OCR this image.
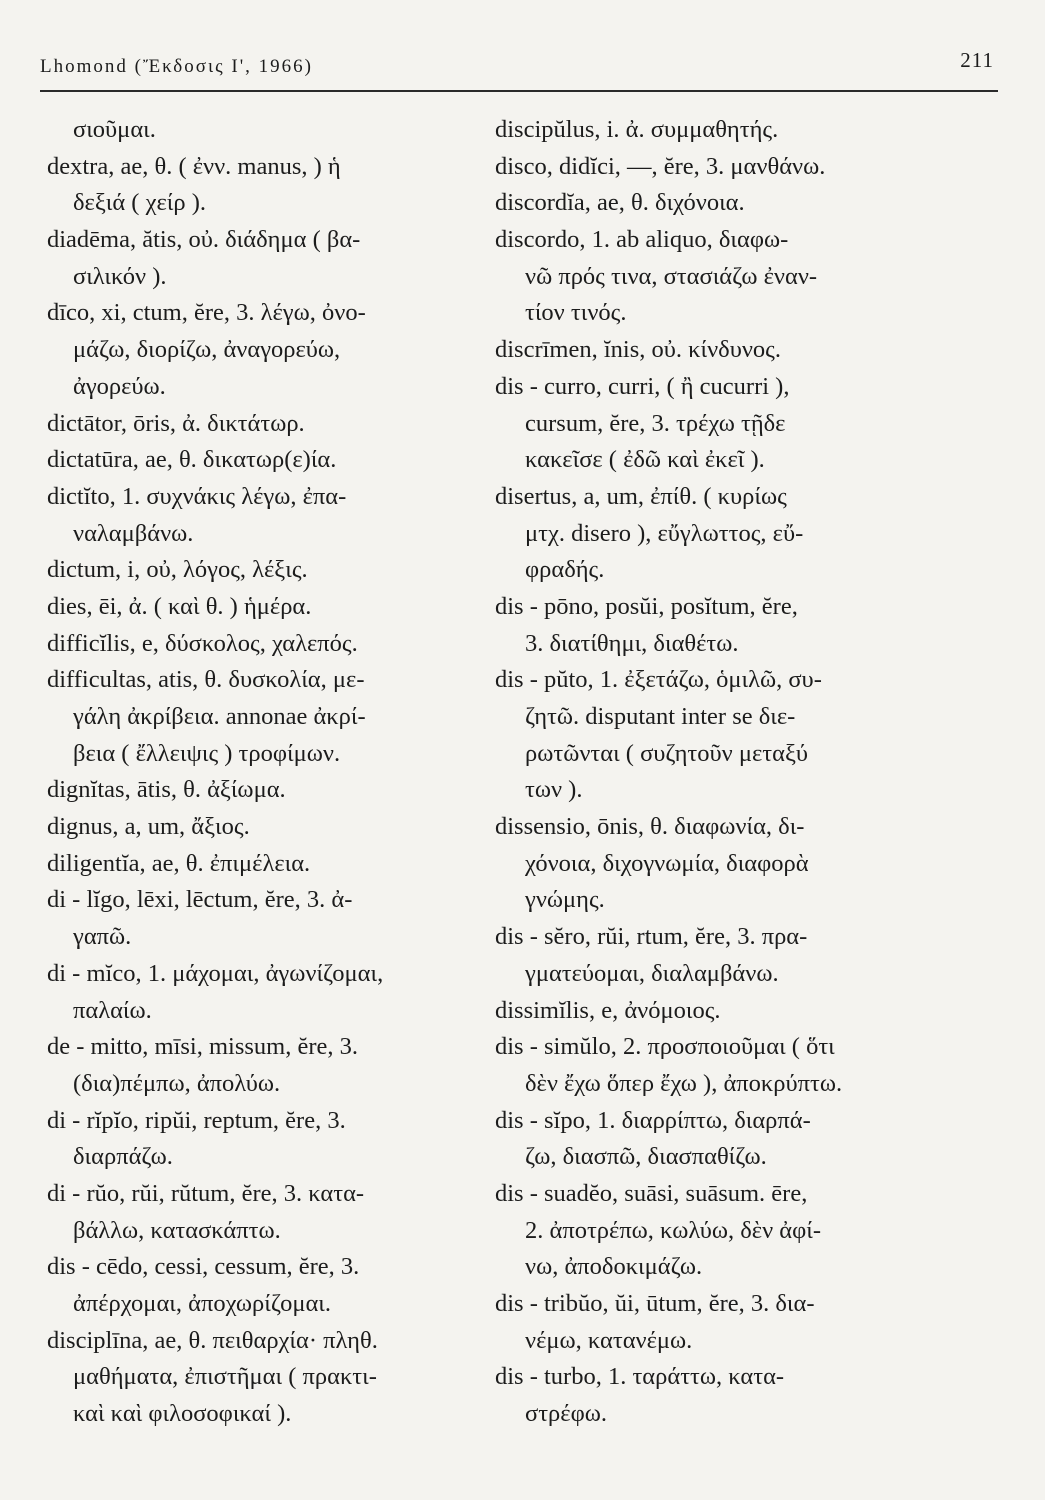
Lhomond (Ἔκδοσις Ι', 1966)	211
σιοῦμαι.
dextra, ae, θ. ( ἐνν. manus, ) ἡ
δεξιά ( χείρ ).
diadēma, ătis, οὐ. διάδημα ( βα-
σιλικόν ).
dīco, xi, ctum, ĕre, 3. λέγω, ὀνο-
μάζω, διορίζω, ἀναγορεύω,
ἀγορεύω.
dictātor, ōris, ἀ. δικτάτωρ.
dictatūra, ae, θ. δικατωρ(ε)ία.
dictĭto, 1. συχνάκις λέγω, ἐπα-
ναλαμβάνω.
dictum, i, οὐ, λόγος, λέξις.
dies, ēi, ἀ. ( καὶ θ. ) ἡμέρα.
difficĭlis, e, δύσκολος, χαλεπός.
difficultas, atis, θ. δυσκολία, με-
γάλη ἀκρίβεια. annonae ἀκρί-
βεια ( ἔλλειψις ) τροφίμων.
dignĭtas, ātis, θ. ἀξίωμα.
dignus, a, um, ἄξιος.
diligentĭa, ae, θ. ἐπιμέλεια.
di - lĭgo, lēxi, lēctum, ĕre, 3. ἀ-
γαπῶ.
di - mĭco, 1. μάχομαι, ἀγωνίζομαι,
παλαίω.
de - mitto, mīsi, missum, ĕre, 3.
(δια)πέμπω, ἀπολύω.
di - rĭpĭo, ripŭi, reptum, ĕre, 3.
διαρπάζω.
di - rŭo, rŭi, rŭtum, ĕre, 3. κατα-
βάλλω, κατασκάπτω.
dis - cēdo, cessi, cessum, ĕre, 3.
ἀπέρχομαι, ἀποχωρίζομαι.
disciplīna, ae, θ. πειθαρχία· πληθ.
μαθήματα, ἐπιστῆμαι ( πρακτι-
καὶ καὶ φιλοσοφικαί ).
discipŭlus, i. ἀ. συμμαθητής.
disco, didĭci, —, ĕre, 3. μανθάνω.
discordĭa, ae, θ. διχόνοια.
discordo, 1. ab aliquo, διαφω-
νῶ πρός τινα, στασιάζω ἐναν-
τίον τινός.
discrīmen, ĭnis, οὐ. κίνδυνος.
dis - curro, curri, ( ἢ cucurri ),
cursum, ĕre, 3. τρέχω τῇδε
κακεῖσε ( ἐδῶ καὶ ἐκεῖ ).
disertus, a, um, ἐπίθ. ( κυρίως
μτχ. disero ), εὔγλωττος, εὔ-
φραδής.
dis - pōno, posŭi, posĭtum, ĕre,
3. διατίθημι, διαθέτω.
dis - pŭto, 1. ἐξετάζω, ὁμιλῶ, συ-
ζητῶ. disputant inter se διε-
ρωτῶνται ( συζητοῦν μεταξύ
των ).
dissensio, ōnis, θ. διαφωνία, δι-
χόνοια, διχογνωμία, διαφορὰ
γνώμης.
dis - sĕro, rŭi, rtum, ĕre, 3. πρα-
γματεύομαι, διαλαμβάνω.
dissimĭlis, e, ἀνόμοιος.
dis - simŭlo, 2. προσποιοῦμαι ( ὅτι
δὲν ἔχω ὅπερ ἔχω ), ἀποκρύπτω.
dis - sĭpo, 1. διαρρίπτω, διαρπά-
ζω, διασπῶ, διασπαθίζω.
dis - suadĕo, suāsi, suāsum. ēre,
2. ἀποτρέπω, κωλύω, δὲν ἀφί-
νω, ἀποδοκιμάζω.
dis - tribŭo, ŭi, ūtum, ĕre, 3. δια-
νέμω, κατανέμω.
dis - turbo, 1. ταράττω, κατα-
στρέφω.
